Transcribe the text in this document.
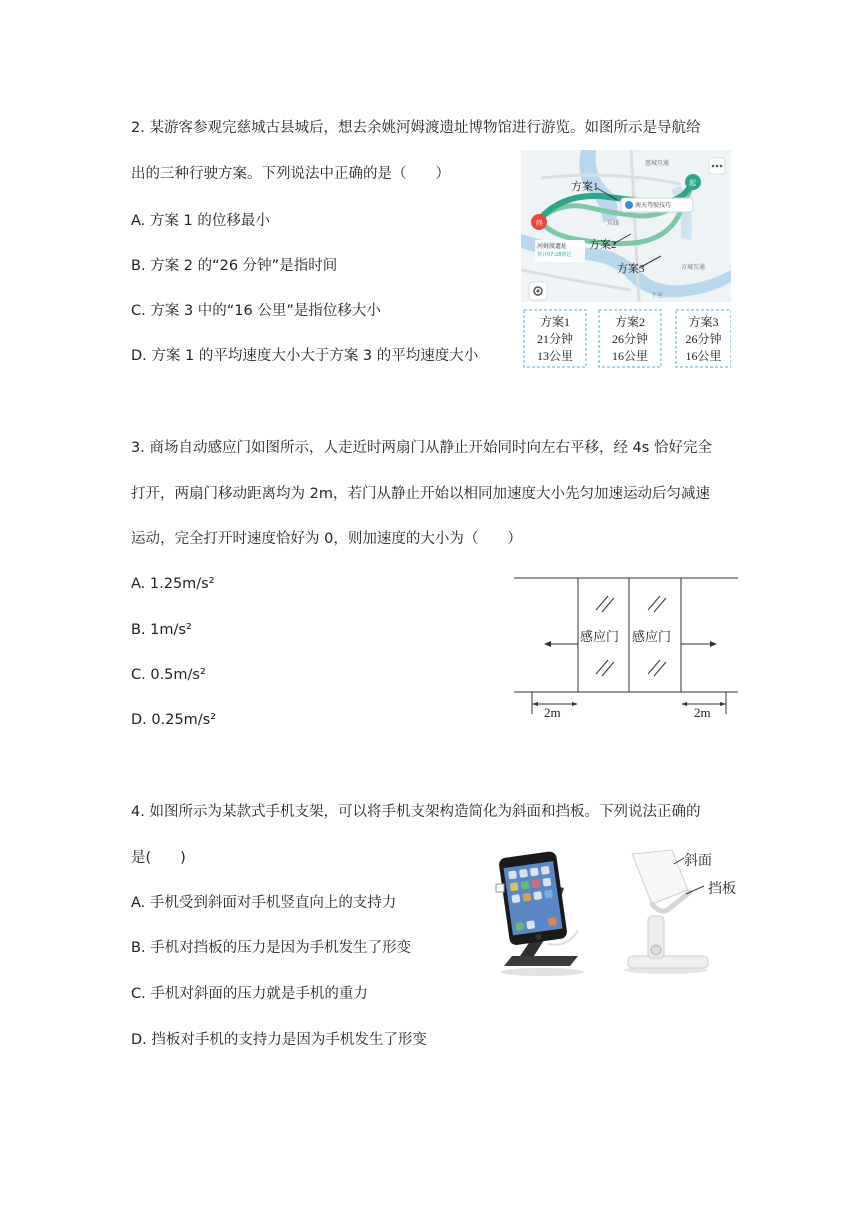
2. 某游客参观完慈城古县城后，想去余姚河姆渡遗址博物馆进行游览。如图所示是导航给
出的三种行驶方案。下列说法中正确的是（　　）
A. 方案 1 的位移最小
B. 方案 2 的“26 分钟”是指时间
C. 方案 3 中的“16 公里”是指位移大小
D. 方案 1 的平均速度大小大于方案 3 的平均速度大小
方案1
方案2
方案3
终
起
南天驾驶技巧
河姆渡遗址
预计07:28到达
慈城互通
东线
下应
方城互通
方案1
21分钟
13公里
方案2
26分钟
16公里
方案3
26分钟
16公里
3. 商场自动感应门如图所示，人走近时两扇门从静止开始同时向左右平移，经 4s 恰好完全
打开，两扇门移动距离均为 2m，若门从静止开始以相同加速度大小先匀加速运动后匀减速
运动，完全打开时速度恰好为 0，则加速度的大小为（　　）
A. 1.25m/s²
B. 1m/s²
C. 0.5m/s²
D. 0.25m/s²
感应门 感应门
2m	2m
4. 如图所示为某款式手机支架，可以将手机支架构造简化为斜面和挡板。下列说法正确的
是(　　)
A. 手机受到斜面对手机竖直向上的支持力
B. 手机对挡板的压力是因为手机发生了形变
C. 手机对斜面的压力就是手机的重力
D. 挡板对手机的支持力是因为手机发生了形变
斜面
挡板
